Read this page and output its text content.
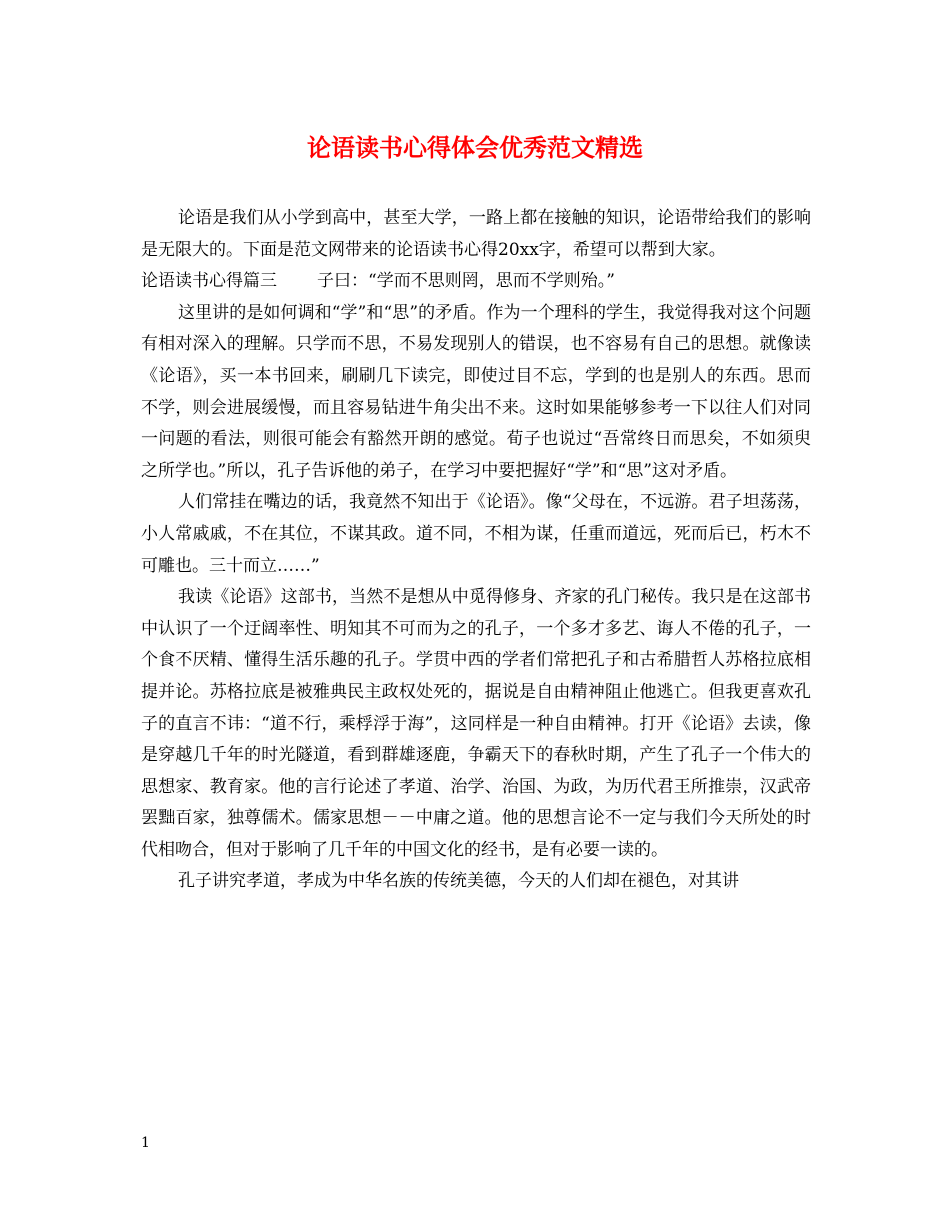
论语读书心得体会优秀范文精选

论语是我们从小学到高中，甚至大学，一路上都在接触的知识，论语带给我们的影响是无限大的。下面是范文网带来的论语读书心得20xx字，希望可以帮到大家。

论语读书心得篇三 子曰：“学而不思则罔，思而不学则殆。”

这里讲的是如何调和“学”和“思”的矛盾。作为一个理科的学生，我觉得我对这个问题有相对深入的理解。只学而不思，不易发现别人的错误，也不容易有自己的思想。就像读《论语》，买一本书回来，刷刷几下读完，即使过目不忘，学到的也是别人的东西。思而不学，则会进展缓慢，而且容易钻进牛角尖出不来。这时如果能够参考一下以往人们对同一问题的看法，则很可能会有豁然开朗的感觉。荀子也说过“吾常终日而思矣，不如须臾之所学也。”所以，孔子告诉他的弟子，在学习中要把握好“学”和“思”这对矛盾。

人们常挂在嘴边的话，我竟然不知出于《论语》。像“父母在，不远游。君子坦荡荡，小人常戚戚，不在其位，不谋其政。道不同，不相为谋，任重而道远，死而后已，朽木不可雕也。三十而立……”

我读《论语》这部书，当然不是想从中觅得修身、齐家的孔门秘传。我只是在这部书中认识了一个迂阔率性、明知其不可而为之的孔子，一个多才多艺、诲人不倦的孔子，一个食不厌精、懂得生活乐趣的孔子。学贯中西的学者们常把孔子和古希腊哲人苏格拉底相提并论。苏格拉底是被雅典民主政权处死的，据说是自由精神阻止他逃亡。但我更喜欢孔子的直言不讳：“道不行，乘桴浮于海”，这同样是一种自由精神。打开《论语》去读，像是穿越几千年的时光隧道，看到群雄逐鹿，争霸天下的春秋时期，产生了孔子一个伟大的思想家、教育家。他的言行论述了孝道、治学、治国、为政，为历代君王所推崇，汉武帝罢黜百家，独尊儒术。儒家思想－－中庸之道。他的思想言论不一定与我们今天所处的时代相吻合，但对于影响了几千年的中国文化的经书，是有必要一读的。

孔子讲究孝道，孝成为中华名族的传统美德，今天的人们却在褪色，对其讲

1
